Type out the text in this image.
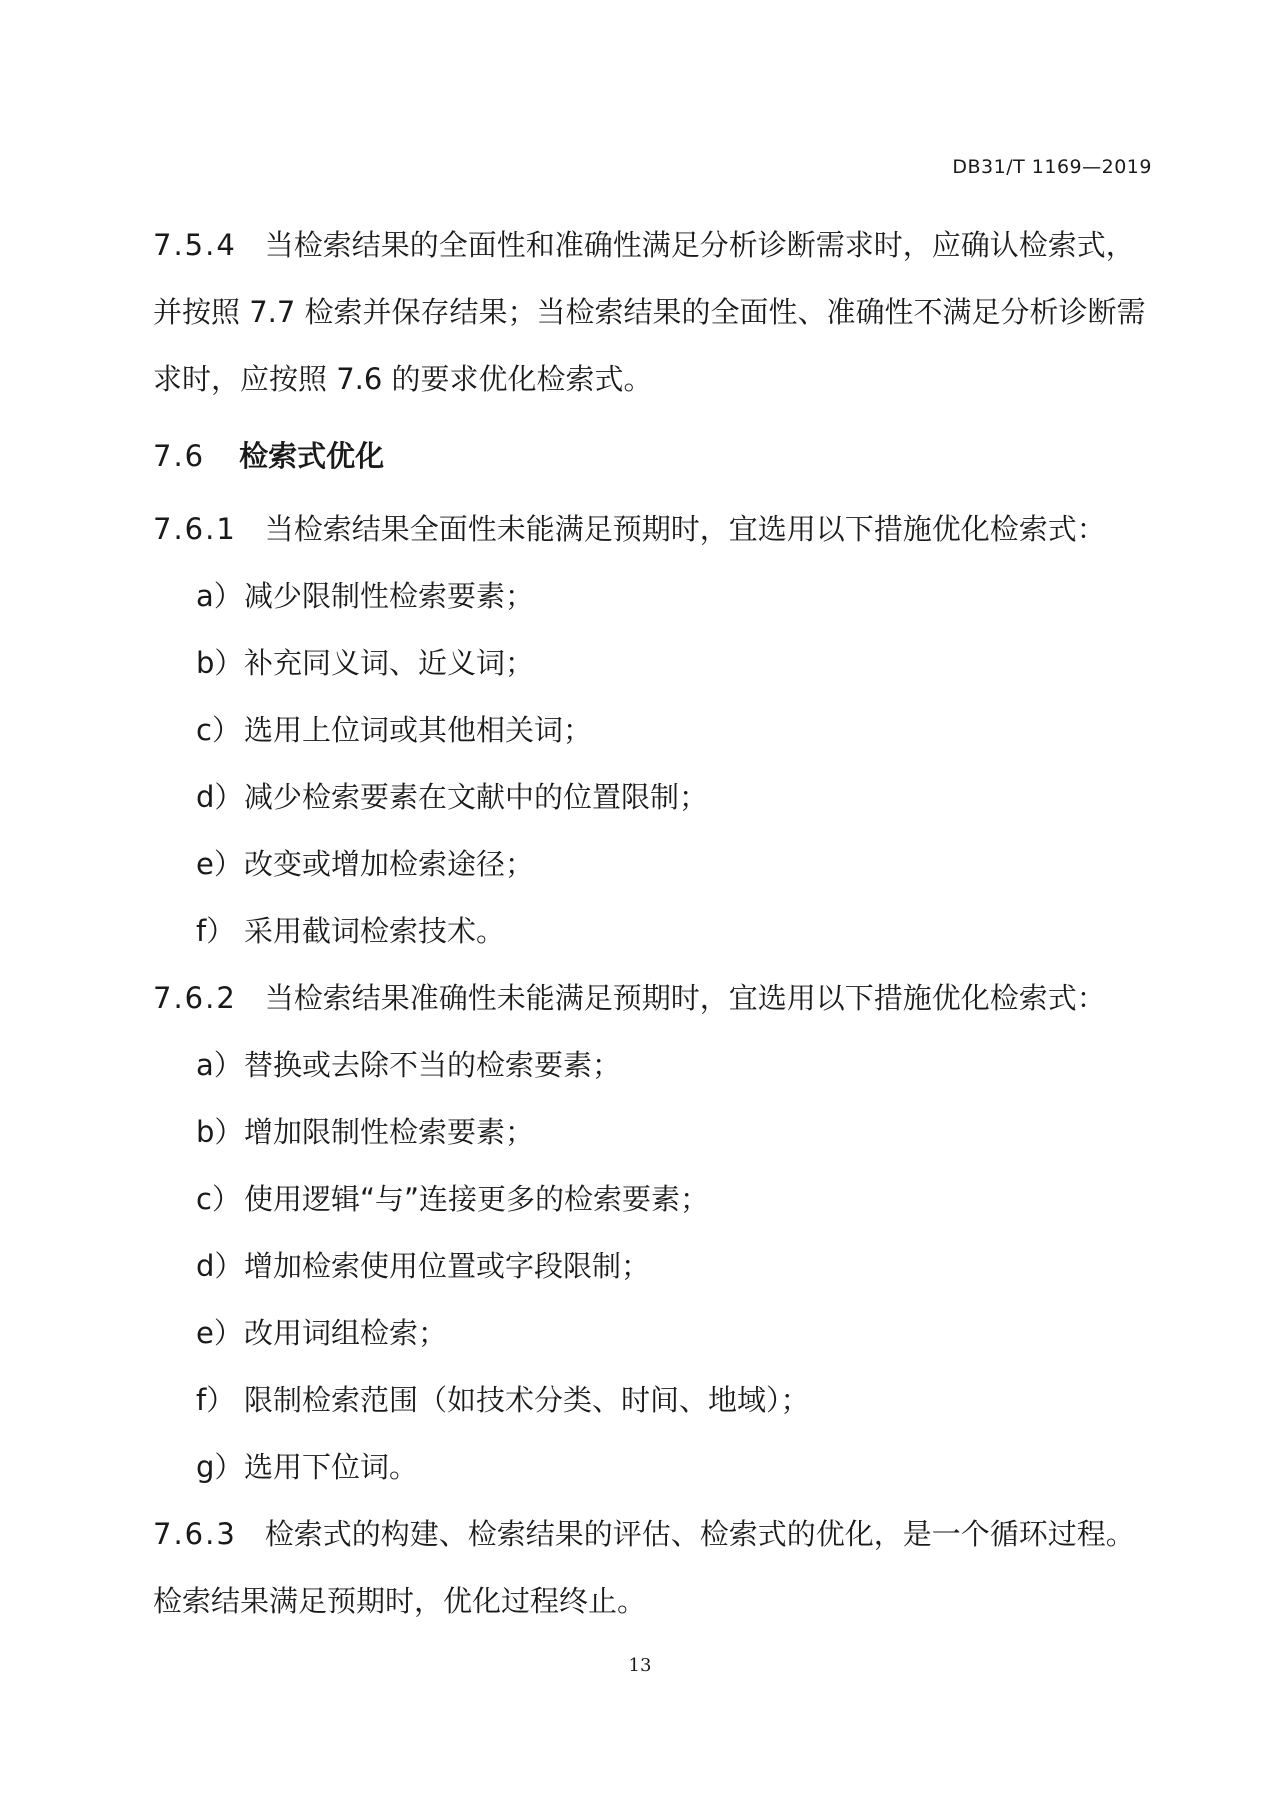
DB31/T 1169—2019

7.5.4 当检索结果的全面性和准确性满足分析诊断需求时，应确认检索式，并按照 7.7 检索并保存结果；当检索结果的全面性、准确性不满足分析诊断需求时，应按照 7.6 的要求优化检索式。

7.6 检索式优化

7.6.1 当检索结果全面性未能满足预期时，宜选用以下措施优化检索式：

a）减少限制性检索要素；

b）补充同义词、近义词；

c） 选用上位词或其他相关词；

d）减少检索要素在文献中的位置限制；

e）改变或增加检索途径；

f） 采用截词检索技术。

7.6.2 当检索结果准确性未能满足预期时，宜选用以下措施优化检索式：

a）替换或去除不当的检索要素；

b）增加限制性检索要素；

c） 使用逻辑“与”连接更多的检索要素；

d）增加检索使用位置或字段限制；

e）改用词组检索；

f） 限制检索范围（如技术分类、时间、地域）；

g）选用下位词。

7.6.3 检索式的构建、检索结果的评估、检索式的优化，是一个循环过程。检索结果满足预期时，优化过程终止。

13
